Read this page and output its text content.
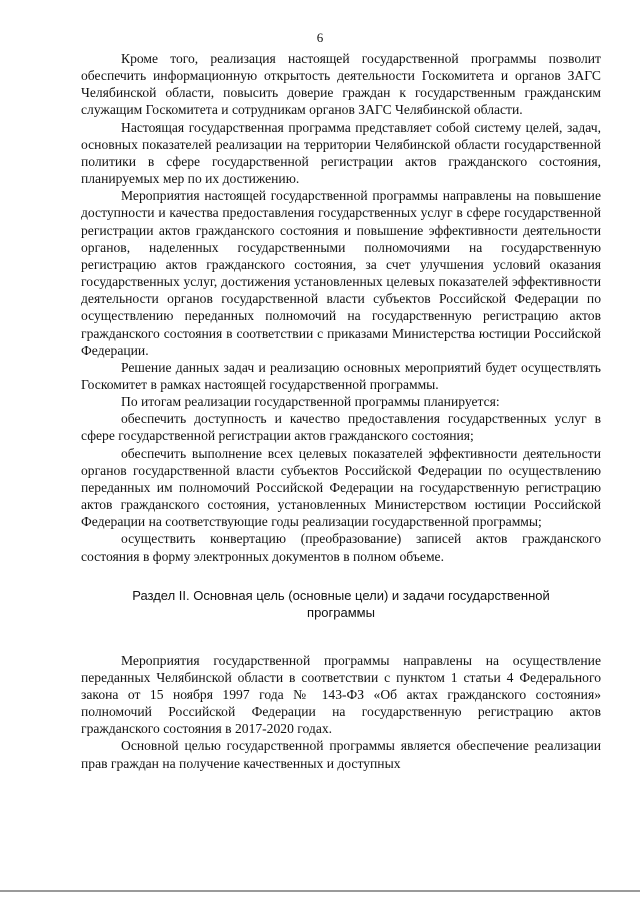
6

Кроме того, реализация настоящей государственной программы позволит обеспечить информационную открытость деятельности Госкомитета и органов ЗАГС Челябинской области, повысить доверие граждан к государственным гражданским служащим Госкомитета и сотрудникам органов ЗАГС Челябинской области.

Настоящая государственная программа представляет собой систему целей, задач, основных показателей реализации на территории Челябинской области государственной политики в сфере государственной регистрации актов гражданского состояния, планируемых мер по их достижению.

Мероприятия настоящей государственной программы направлены на повышение доступности и качества предоставления государственных услуг в сфере государственной регистрации актов гражданского состояния и повышение эффективности деятельности органов, наделенных государственными полномочиями на государственную регистрацию актов гражданского состояния, за счет улучшения условий оказания государственных услуг, достижения установленных целевых показателей эффективности деятельности органов государственной власти субъектов Российской Федерации по осуществлению переданных полномочий на государственную регистрацию актов гражданского состояния в соответствии с приказами Министерства юстиции Российской Федерации.

Решение данных задач и реализацию основных мероприятий будет осуществлять Госкомитет в рамках настоящей государственной программы.

По итогам реализации государственной программы планируется:

обеспечить доступность и качество предоставления государственных услуг в сфере государственной регистрации актов гражданского состояния;

обеспечить выполнение всех целевых показателей эффективности деятельности органов государственной власти субъектов Российской Федерации по осуществлению переданных им полномочий Российской Федерации на государственную регистрацию актов гражданского состояния, установленных Министерством юстиции Российской Федерации на соответствующие годы реализации государственной программы;

осуществить конвертацию (преобразование) записей актов гражданского состояния в форму электронных документов в полном объеме.

Раздел II. Основная цель (основные цели) и задачи государственной
программы

Мероприятия государственной программы направлены на осуществление переданных Челябинской области в соответствии с пунктом 1 статьи 4 Федерального закона от 15 ноября 1997 года № 143-ФЗ «Об актах гражданского состояния» полномочий Российской Федерации на государственную регистрацию актов гражданского состояния в 2017-2020 годах.

Основной целью государственной программы является обеспечение реализации прав граждан на получение качественных и доступных
